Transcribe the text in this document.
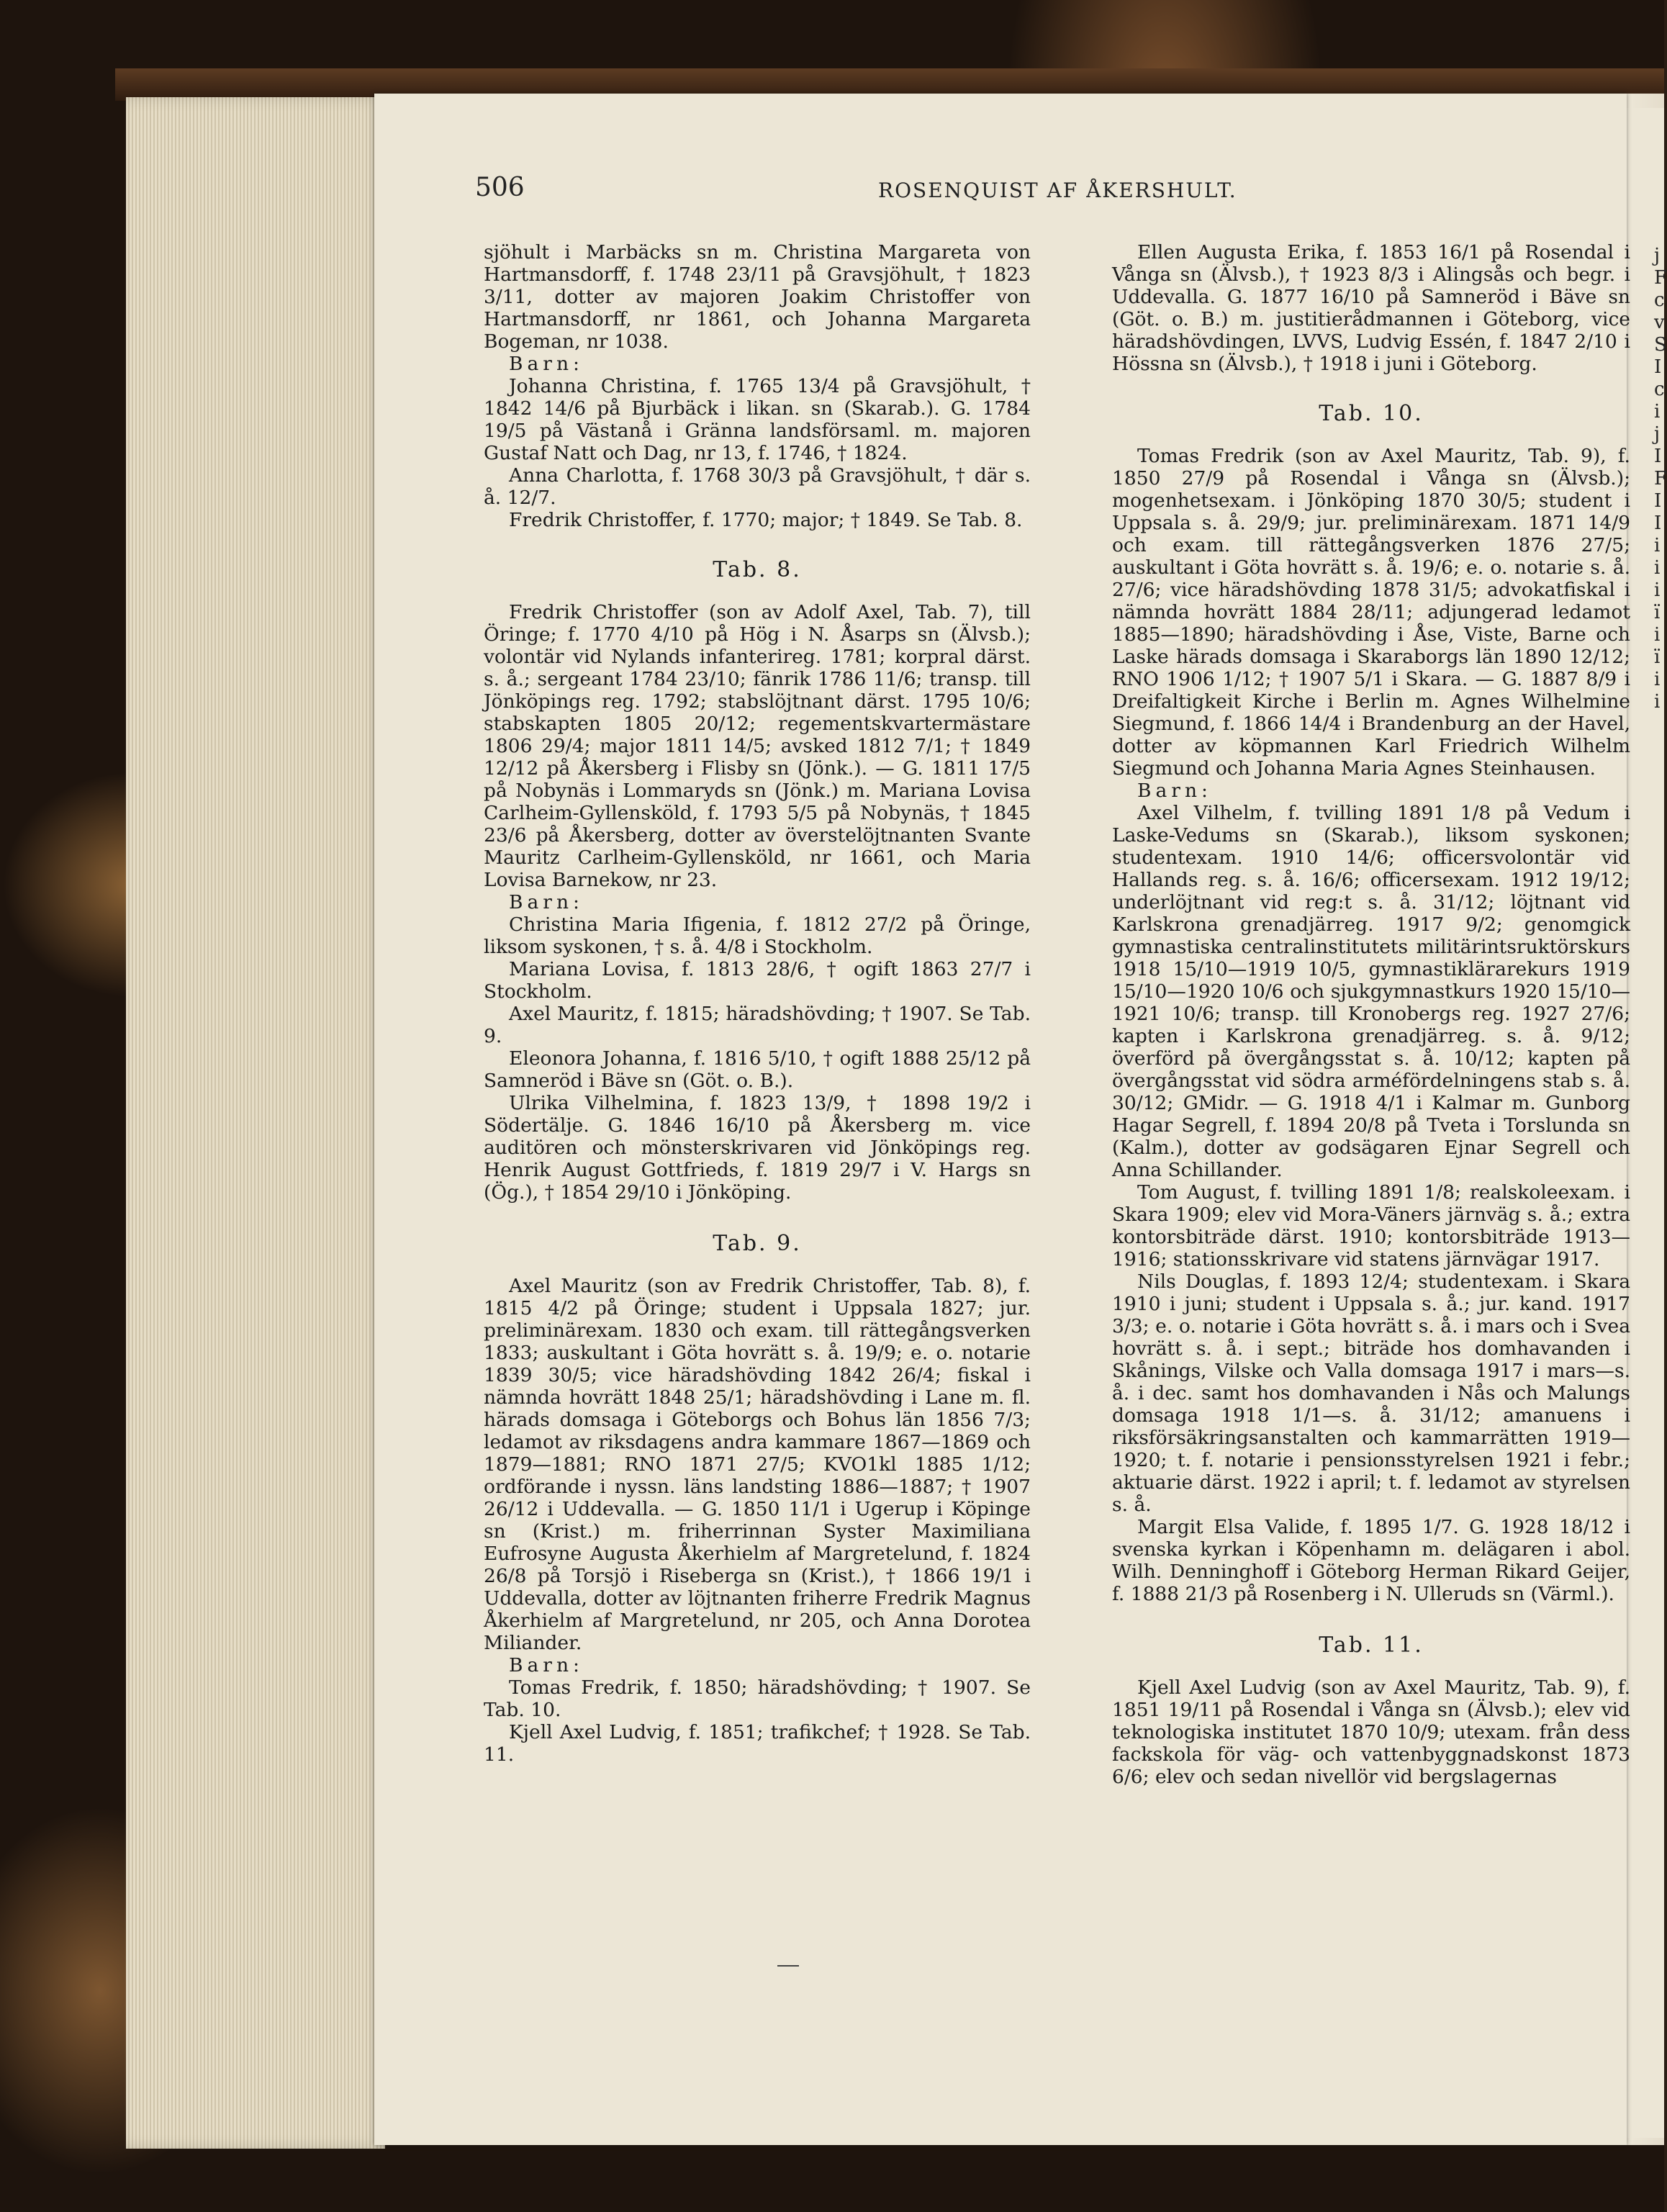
506	ROSENQUIST AF ÅKERSHULT.

sjöhult i Marbäcks sn m. Christina Margareta von Hartmansdorff, f. 1748 23/11 på Gravsjöhult, † 1823 3/11, dotter av majoren Joakim Christoffer von Hartmansdorff, nr 1861, och Johanna Margareta Bogeman, nr 1038.

Barn:

Johanna Christina, f. 1765 13/4 på Gravsjöhult, † 1842 14/6 på Bjurbäck i likan. sn (Skarab.). G. 1784 19/5 på Västanå i Gränna landsförsaml. m. majoren Gustaf Natt och Dag, nr 13, f. 1746, † 1824.

Anna Charlotta, f. 1768 30/3 på Gravsjöhult, † där s. å. 12/7.

Fredrik Christoffer, f. 1770; major; † 1849. Se Tab. 8.

Tab. 8.

Fredrik Christoffer (son av Adolf Axel, Tab. 7), till Öringe; f. 1770 4/10 på Hög i N. Åsarps sn (Älvsb.); volontär vid Nylands infanterireg. 1781; korpral därst. s. å.; sergeant 1784 23/10; fänrik 1786 11/6; transp. till Jönköpings reg. 1792; stabslöjtnant därst. 1795 10/6; stabskapten 1805 20/12; regementskvartermästare 1806 29/4; major 1811 14/5; avsked 1812 7/1; † 1849 12/12 på Åkersberg i Flisby sn (Jönk.). — G. 1811 17/5 på Nobynäs i Lommaryds sn (Jönk.) m. Mariana Lovisa Carlheim-Gyllensköld, f. 1793 5/5 på Nobynäs, † 1845 23/6 på Åkersberg, dotter av överstelöjtnanten Svante Mauritz Carlheim-Gyllensköld, nr 1661, och Maria Lovisa Barnekow, nr 23.

Barn:

Christina Maria Ifigenia, f. 1812 27/2 på Öringe, liksom syskonen, † s. å. 4/8 i Stockholm.

Mariana Lovisa, f. 1813 28/6, † ogift 1863 27/7 i Stockholm.

Axel Mauritz, f. 1815; häradshövding; † 1907. Se Tab. 9.

Eleonora Johanna, f. 1816 5/10, † ogift 1888 25/12 på Samneröd i Bäve sn (Göt. o. B.).

Ulrika Vilhelmina, f. 1823 13/9, † 1898 19/2 i Södertälje. G. 1846 16/10 på Åkersberg m. vice auditören och mönsterskrivaren vid Jönköpings reg. Henrik August Gottfrieds, f. 1819 29/7 i V. Hargs sn (Ög.), † 1854 29/10 i Jönköping.

Tab. 9.

Axel Mauritz (son av Fredrik Christoffer, Tab. 8), f. 1815 4/2 på Öringe; student i Uppsala 1827; jur. preliminärexam. 1830 och exam. till rättegångsverken 1833; auskultant i Göta hovrätt s. å. 19/9; e. o. notarie 1839 30/5; vice häradshövding 1842 26/4; fiskal i nämnda hovrätt 1848 25/1; häradshövding i Lane m. fl. härads domsaga i Göteborgs och Bohus län 1856 7/3; ledamot av riksdagens andra kammare 1867—1869 och 1879—1881; RNO 1871 27/5; KVO1kl 1885 1/12; ordförande i nyssn. läns landsting 1886—1887; † 1907 26/12 i Uddevalla. — G. 1850 11/1 i Ugerup i Köpinge sn (Krist.) m. friherrinnan Syster Maximiliana Eufrosyne Augusta Åkerhielm af Margretelund, f. 1824 26/8 på Torsjö i Riseberga sn (Krist.), † 1866 19/1 i Uddevalla, dotter av löjtnanten friherre Fredrik Magnus Åkerhielm af Margretelund, nr 205, och Anna Dorotea Miliander.

Barn:

Tomas Fredrik, f. 1850; häradshövding; † 1907. Se Tab. 10.

Kjell Axel Ludvig, f. 1851; trafikchef; † 1928. Se Tab. 11.

Ellen Augusta Erika, f. 1853 16/1 på Rosendal i Vånga sn (Älvsb.), † 1923 8/3 i Alingsås och begr. i Uddevalla. G. 1877 16/10 på Samneröd i Bäve sn (Göt. o. B.) m. justitierådmannen i Göteborg, vice häradshövdingen, LVVS, Ludvig Essén, f. 1847 2/10 i Hössna sn (Älvsb.), † 1918 i juni i Göteborg.

Tab. 10.

Tomas Fredrik (son av Axel Mauritz, Tab. 9), f. 1850 27/9 på Rosendal i Vånga sn (Älvsb.); mogenhetsexam. i Jönköping 1870 30/5; student i Uppsala s. å. 29/9; jur. preliminärexam. 1871 14/9 och exam. till rättegångsverken 1876 27/5; auskultant i Göta hovrätt s. å. 19/6; e. o. notarie s. å. 27/6; vice häradshövding 1878 31/5; advokatfiskal i nämnda hovrätt 1884 28/11; adjungerad ledamot 1885—1890; häradshövding i Åse, Viste, Barne och Laske härads domsaga i Skaraborgs län 1890 12/12; RNO 1906 1/12; † 1907 5/1 i Skara. — G. 1887 8/9 i Dreifaltigkeit Kirche i Berlin m. Agnes Wilhelmine Siegmund, f. 1866 14/4 i Brandenburg an der Havel, dotter av köpmannen Karl Friedrich Wilhelm Siegmund och Johanna Maria Agnes Steinhausen.

Barn:

Axel Vilhelm, f. tvilling 1891 1/8 på Vedum i Laske-Vedums sn (Skarab.), liksom syskonen; studentexam. 1910 14/6; officersvolontär vid Hallands reg. s. å. 16/6; officersexam. 1912 19/12; underlöjtnant vid reg:t s. å. 31/12; löjtnant vid Karlskrona grenadjärreg. 1917 9/2; genomgick gymnastiska centralinstitutets militärintsruktörskurs 1918 15/10—1919 10/5, gymnastiklärarekurs 1919 15/10—1920 10/6 och sjukgymnastkurs 1920 15/10—1921 10/6; transp. till Kronobergs reg. 1927 27/6; kapten i Karlskrona grenadjärreg. s. å. 9/12; överförd på övergångsstat s. å. 10/12; kapten på övergångsstat vid södra arméfördelningens stab s. å. 30/12; GMidr. — G. 1918 4/1 i Kalmar m. Gunborg Hagar Segrell, f. 1894 20/8 på Tveta i Torslunda sn (Kalm.), dotter av godsägaren Ejnar Segrell och Anna Schillander.

Tom August, f. tvilling 1891 1/8; realskoleexam. i Skara 1909; elev vid Mora-Väners järnväg s. å.; extra kontorsbiträde därst. 1910; kontorsbiträde 1913—1916; stationsskrivare vid statens järnvägar 1917.

Nils Douglas, f. 1893 12/4; studentexam. i Skara 1910 i juni; student i Uppsala s. å.; jur. kand. 1917 3/3; e. o. notarie i Göta hovrätt s. å. i mars och i Svea hovrätt s. å. i sept.; biträde hos domhavanden i Skånings, Vilske och Valla domsaga 1917 i mars—s. å. i dec. samt hos domhavanden i Nås och Malungs domsaga 1918 1/1—s. å. 31/12; amanuens i riksförsäkringsanstalten och kammarrätten 1919—1920; t. f. notarie i pensionsstyrelsen 1921 i febr.; aktuarie därst. 1922 i april; t. f. ledamot av styrelsen s. å.

Margit Elsa Valide, f. 1895 1/7. G. 1928 18/12 i svenska kyrkan i Köpenhamn m. delägaren i abol. Wilh. Denninghoff i Göteborg Herman Rikard Geijer, f. 1888 21/3 på Rosenberg i N. Ulleruds sn (Värml.).

Tab. 11.

Kjell Axel Ludvig (son av Axel Mauritz, Tab. 9), f. 1851 19/11 på Rosendal i Vånga sn (Älvsb.); elev vid teknologiska institutet 1870 10/9; utexam. från dess fackskola för väg- och vattenbyggnadskonst 1873 6/6; elev och sedan nivellör vid bergslagernas

j
F
c
v
S
I
c
i
j
I
F
I
I
i
i
i
ï
i
ï
i
i
